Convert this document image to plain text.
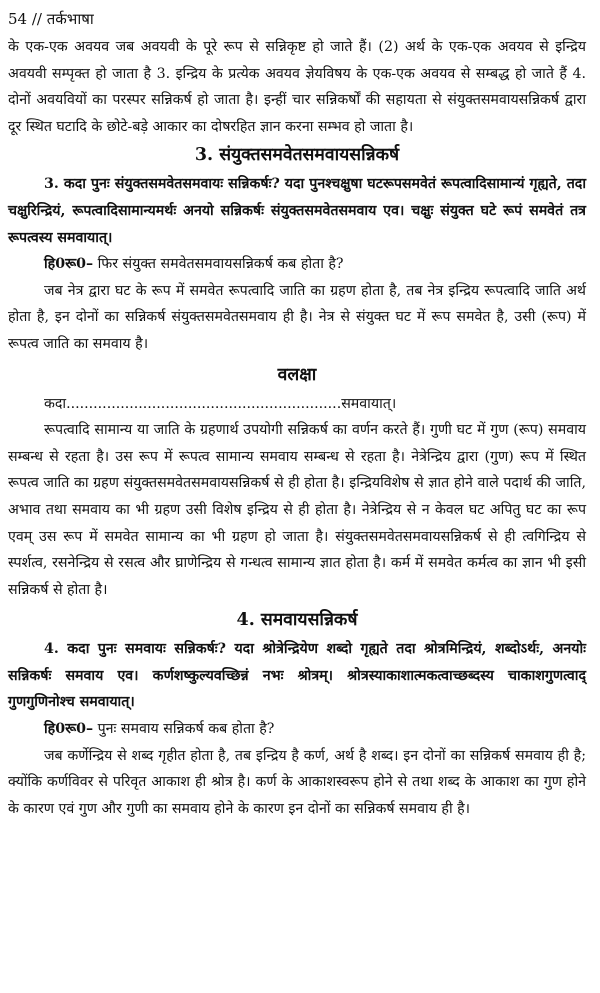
54 // तर्कभाषा

के एक-एक अवयव जब अवयवी के पूरे रूप से सन्निकृष्ट हो जाते हैं। (2) अर्थ के एक-एक अवयव से इन्द्रिय अवयवी सम्पृक्त हो जाता है 3. इन्द्रिय के प्रत्येक अवयव ज्ञेयविषय के एक-एक अवयव से सम्बद्ध हो जाते हैं 4. दोनों अवयवियों का परस्पर सन्निकर्ष हो जाता है। इन्हीं चार सन्निकर्षों की सहायता से संयुक्तसमवायसन्निकर्ष द्वारा दूर स्थित घटादि के छोटे-बड़े आकार का दोषरहित ज्ञान करना सम्भव हो जाता है।

3. संयुक्तसमवेतसमवायसन्निकर्ष

3. कदा पुनः संयुक्तसमवेतसमवायः सन्निकर्षः? यदा पुनश्चक्षुषा घटरूपसमवेतं रूपत्वादिसामान्यं गृह्यते, तदा चक्षुरिन्द्रियं, रूपत्वादिसामान्यमर्थः अनयो सन्निकर्षः संयुक्तसमवेतसमवाय एव। चक्षुः संयुक्त घटे रूपं समवेतं तत्र रूपत्वस्य समवायात्।

हि0रू0– फिर संयुक्त समवेतसमवायसन्निकर्ष कब होता है?

जब नेत्र द्वारा घट के रूप में समवेत रूपत्वादि जाति का ग्रहण होता है, तब नेत्र इन्द्रिय रूपत्वादि जाति अर्थ होता है, इन दोनों का सन्निकर्ष संयुक्तसमवेतसमवाय ही है। नेत्र से संयुक्त घट में रूप समवेत है, उसी (रूप) में रूपत्व जाति का समवाय है।

वलक्षा

कदा.............................................................समवायात्।

रूपत्वादि सामान्य या जाति के ग्रहणार्थ उपयोगी सन्निकर्ष का वर्णन करते हैं। गुणी घट में गुण (रूप) समवाय सम्बन्ध से रहता है। उस रूप में रूपत्व सामान्य समवाय सम्बन्ध से रहता है। नेत्रेन्द्रिय द्वारा (गुण) रूप में स्थित रूपत्व जाति का ग्रहण संयुक्तसमवेतसमवायसन्निकर्ष से ही होता है। इन्द्रियविशेष से ज्ञात होने वाले पदार्थ की जाति, अभाव तथा समवाय का भी ग्रहण उसी विशेष इन्द्रिय से ही होता है। नेत्रेन्द्रिय से न केवल घट अपितु घट का रूप एवम् उस रूप में समवेत सामान्य का भी ग्रहण हो जाता है। संयुक्तसमवेतसमवायसन्निकर्ष से ही त्वगिन्द्रिय से स्पर्शत्व, रसनेन्द्रिय से रसत्व और घ्राणेन्द्रिय से गन्धत्व सामान्य ज्ञात होता है। कर्म में समवेत कर्मत्व का ज्ञान भी इसी सन्निकर्ष से होता है।

4. समवायसन्निकर्ष

4. कदा पुनः समवायः सन्निकर्षः? यदा श्रोत्रेन्द्रियेण शब्दो गृह्यते तदा श्रोत्रमिन्द्रियं, शब्दोऽर्थः, अनयोः सन्निकर्षः समवाय एव। कर्णशष्कुल्यवच्छिन्नं नभः श्रोत्रम्। श्रोत्रस्याकाशात्मकत्वाच्छब्दस्य चाकाशगुणत्वाद् गुणगुणिनोश्च समवायात्।

हि0रू0– पुनः समवाय सन्निकर्ष कब होता है?

जब कर्णेन्द्रिय से शब्द गृहीत होता है, तब इन्द्रिय है कर्ण, अर्थ है शब्द। इन दोनों का सन्निकर्ष समवाय ही है; क्योंकि कर्णविवर से परिवृत आकाश ही श्रोत्र है। कर्ण के आकाशस्वरूप होने से तथा शब्द के आकाश का गुण होने के कारण एवं गुण और गुणी का समवाय होने के कारण इन दोनों का सन्निकर्ष समवाय ही है।
